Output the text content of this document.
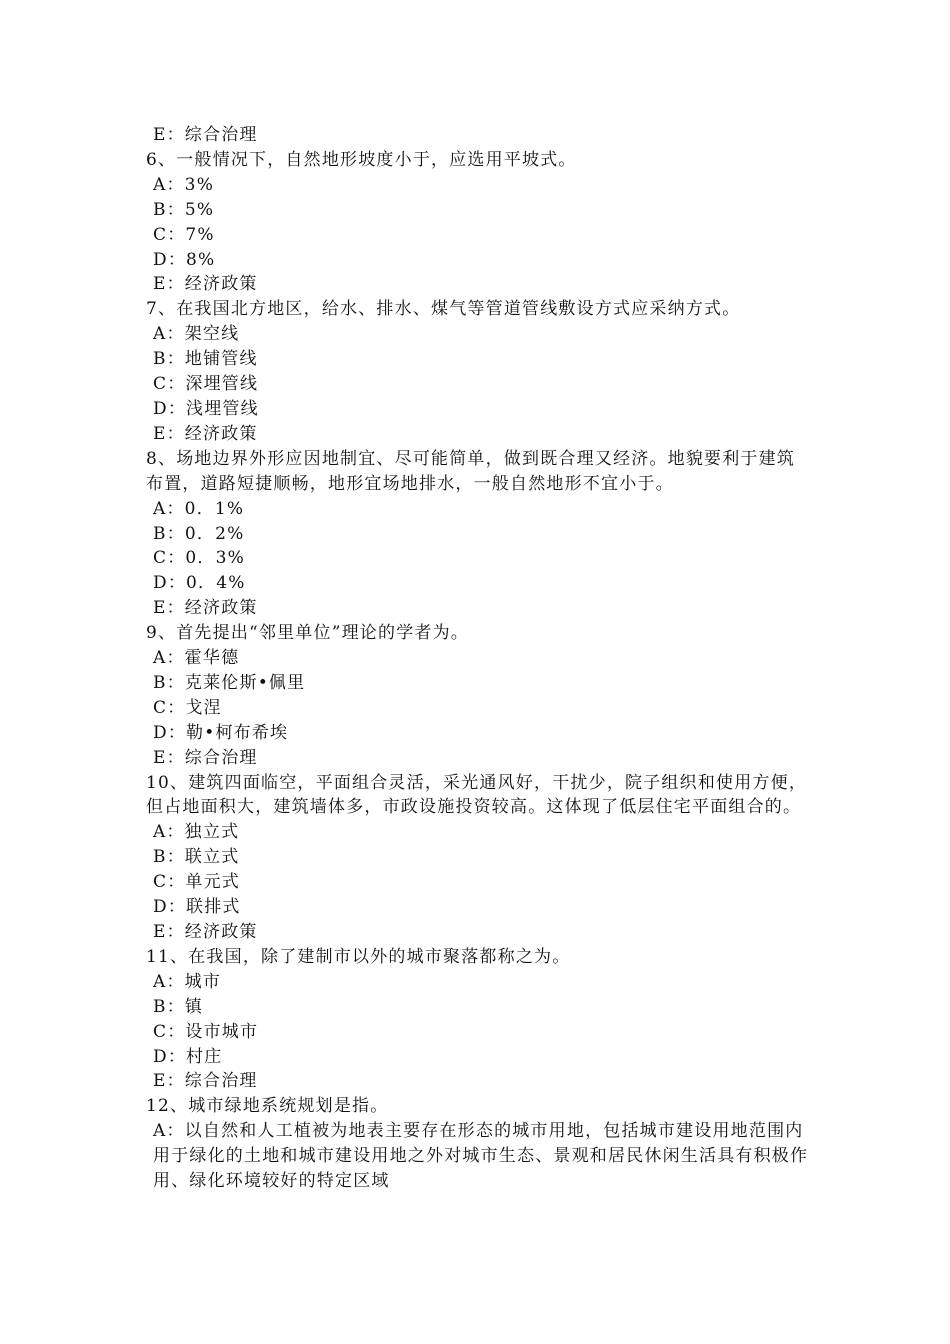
E：综合治理
6、一般情况下，自然地形坡度小于，应选用平坡式。
A：3%
B：5%
C：7%
D：8%
E：经济政策
7、在我国北方地区，给水、排水、煤气等管道管线敷设方式应采纳方式。
A：架空线
B：地铺管线
C：深埋管线
D：浅埋管线
E：经济政策
8、场地边界外形应因地制宜、尽可能简单，做到既合理又经济。地貌要利于建筑布置，道路短捷顺畅，地形宜场地排水，一般自然地形不宜小于。
A：0．1%
B：0．2%
C：0．3%
D：0．4%
E：经济政策
9、首先提出“邻里单位”理论的学者为。
A：霍华德
B：克莱伦斯•佩里
C：戈涅
D：勒•柯布希埃
E：综合治理
10、建筑四面临空，平面组合灵活，采光通风好，干扰少，院子组织和使用方便，但占地面积大，建筑墙体多，市政设施投资较高。这体现了低层住宅平面组合的。
A：独立式
B：联立式
C：单元式
D：联排式
E：经济政策
11、在我国，除了建制市以外的城市聚落都称之为。
A：城市
B：镇
C：设市城市
D：村庄
E：综合治理
12、城市绿地系统规划是指。
A：以自然和人工植被为地表主要存在形态的城市用地，包括城市建设用地范围内用于绿化的土地和城市建设用地之外对城市生态、景观和居民休闲生活具有积极作用、绿化环境较好的特定区域
